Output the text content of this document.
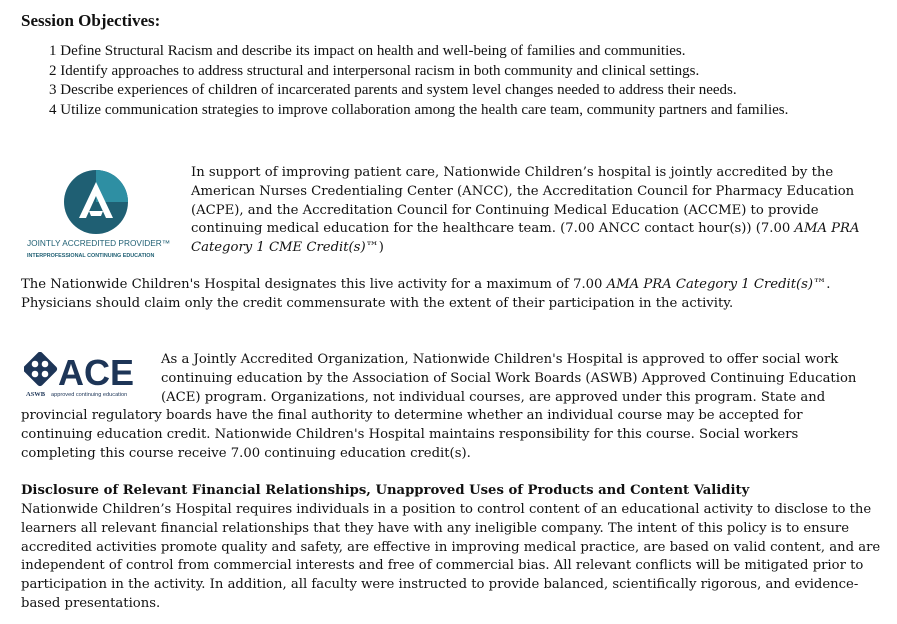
Session Objectives:

1 Define Structural Racism and describe its impact on health and well-being of families and communities.

2 Identify approaches to address structural and interpersonal racism in both community and clinical settings.

3 Describe experiences of children of incarcerated parents and system level changes needed to address their needs.

4 Utilize communication strategies to improve collaboration among the health care team, community partners and families.

JOINTLY ACCREDITED PROVIDER™
INTERPROFESSIONAL CONTINUING EDUCATION

In support of improving patient care, Nationwide Children’s hospital is jointly accredited by the American Nurses Credentialing Center (ANCC), the Accreditation Council for Pharmacy Education (ACPE), and the Accreditation Council for Continuing Medical Education (ACCME) to provide continuing medical education for the healthcare team. (7.00 ANCC contact hour(s)) (7.00 AMA PRA Category 1 CME Credit(s)™)

The Nationwide Children's Hospital designates this live activity for a maximum of 7.00 AMA PRA Category 1 Credit(s)™. Physicians should claim only the credit commensurate with the extent of their participation in the activity.

ACE
ASWB approved continuing education
As a Jointly Accredited Organization, Nationwide Children's Hospital is approved to offer social work continuing education by the Association of Social Work Boards (ASWB) Approved Continuing Education (ACE) program. Organizations, not individual courses, are approved under this program. State and provincial regulatory boards have the final authority to determine whether an individual course may be accepted for continuing education credit. Nationwide Children's Hospital maintains responsibility for this course. Social workers completing this course receive 7.00 continuing education credit(s).
Disclosure of Relevant Financial Relationships, Unapproved Uses of Products and Content Validity

Nationwide Children’s Hospital requires individuals in a position to control content of an educational activity to disclose to the learners all relevant financial relationships that they have with any ineligible company. The intent of this policy is to ensure accredited activities promote quality and safety, are effective in improving medical practice, are based on valid content, and are independent of control from commercial interests and free of commercial bias. All relevant conflicts will be mitigated prior to participation in the activity. In addition, all faculty were instructed to provide balanced, scientifically rigorous, and evidence-based presentations.
